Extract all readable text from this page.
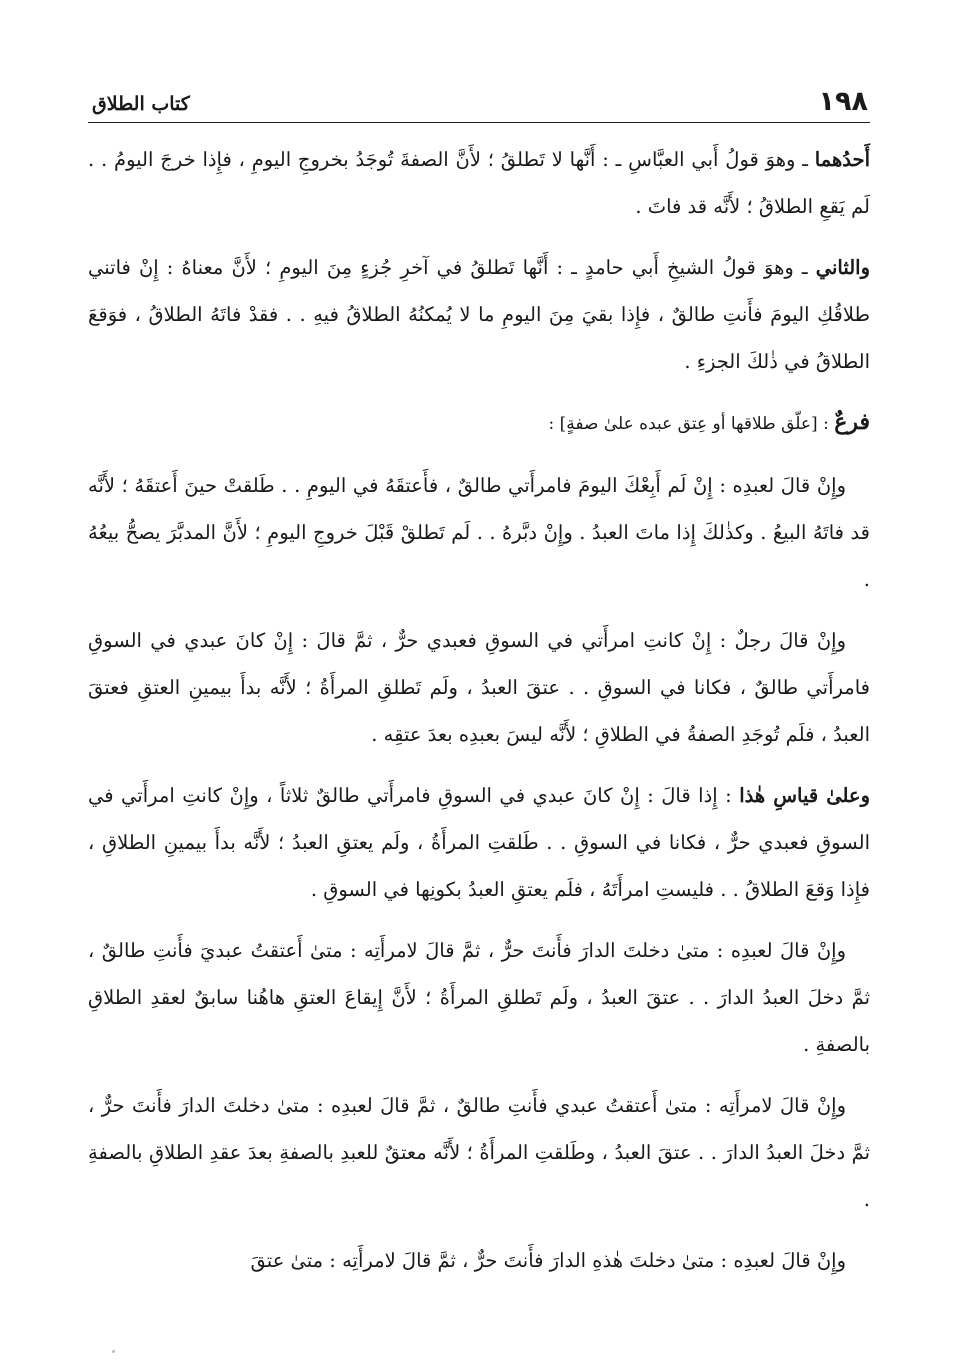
١٩٨
كتاب الطلاق

أَحدُهما ـ وهوَ قولُ أَبي العبَّاسِ ـ : أَنَّها لا تَطلقُ ؛ لأَنَّ الصفةَ تُوجَدُ بخروجِ اليومِ ، فإِذا خرجَ اليومُ . . لَم يَقعِ الطلاقُ ؛ لأَنَّه قد فاتَ .

والثاني ـ وهوَ قولُ الشيخِ أَبي حامدٍ ـ : أَنَّها تَطلقُ في آخرِ جُزءٍ مِنَ اليومِ ؛ لأَنَّ معناهُ : إِنْ فاتني طلاقُكِ اليومَ فأَنتِ طالقٌ ، فإِذا بقيَ مِنَ اليومِ ما لا يُمكنُهُ الطلاقُ فيهِ . . فقدْ فاتَهُ الطلاقُ ، فوَقعَ الطلاقُ في ذٰلكَ الجزءِ .

فرعٌ : [علّق طلاقها أو عِتق عبده علىٰ صفةٍ] :

وإِنْ قالَ لعبدِه : إِنْ لَم أَبِعْكَ اليومَ فامرأَتي طالقٌ ، فأَعتقَهُ في اليومِ . . طَلقتْ حينَ أَعتقَهُ ؛ لأَنَّه قد فاتَهُ البيعُ . وكذٰلكَ إِذا ماتَ العبدُ . وإِنْ دبَّرهُ . . لَم تَطلقْ قَبْلَ خروجِ اليومِ ؛ لأَنَّ المدبَّرَ يصحُّ بيعُهُ .

وإِنْ قالَ رجلٌ : إِنْ كانتِ امرأَتي في السوقِ فعبدي حرٌّ ، ثمَّ قالَ : إِنْ كانَ عبدي في السوقِ فامرأَتي طالقٌ ، فكانا في السوقِ . . عتقَ العبدُ ، ولَم تَطلقِ المرأَةُ ؛ لأَنَّه بدأَ بيمينِ العتقِ فعتقَ العبدُ ، فلَم تُوجَدِ الصفةُ في الطلاقِ ؛ لأَنَّه ليسَ بعبدِه بعدَ عتقِه .

وعلىٰ قياسِ هٰذا : إِذا قالَ : إِنْ كانَ عبدي في السوقِ فامرأَتي طالقٌ ثلاثاً ، وإِنْ كانتِ امرأَتي في السوقِ فعبدي حرٌّ ، فكانا في السوقِ . . طَلقتِ المرأَةُ ، ولَم يعتقِ العبدُ ؛ لأَنَّه بدأَ بيمينِ الطلاقِ ، فإِذا وَقعَ الطلاقُ . . فليستِ امرأَتَهُ ، فلَم يعتقِ العبدُ بكونِها في السوقِ .

وإِنْ قالَ لعبدِه : متىٰ دخلتَ الدارَ فأَنتَ حرٌّ ، ثمَّ قالَ لامرأَتِه : متىٰ أَعتقتُ عبديَ فأَنتِ طالقٌ ، ثمَّ دخلَ العبدُ الدارَ . . عتقَ العبدُ ، ولَم تَطلقِ المرأَةُ ؛ لأَنَّ إِيقاعَ العتقِ هاهُنا سابقٌ لعقدِ الطلاقِ بالصفةِ .

وإِنْ قالَ لامرأَتِه : متىٰ أَعتقتُ عبدي فأَنتِ طالقٌ ، ثمَّ قالَ لعبدِه : متىٰ دخلتَ الدارَ فأَنتَ حرٌّ ، ثمَّ دخلَ العبدُ الدارَ . . عتقَ العبدُ ، وطَلقتِ المرأَةُ ؛ لأَنَّه معتقٌ للعبدِ بالصفةِ بعدَ عقدِ الطلاقِ بالصفةِ .

وإِنْ قالَ لعبدِه : متىٰ دخلتَ هٰذهِ الدارَ فأَنتَ حرٌّ ، ثمَّ قالَ لامرأَتِه : متىٰ عتقَ
